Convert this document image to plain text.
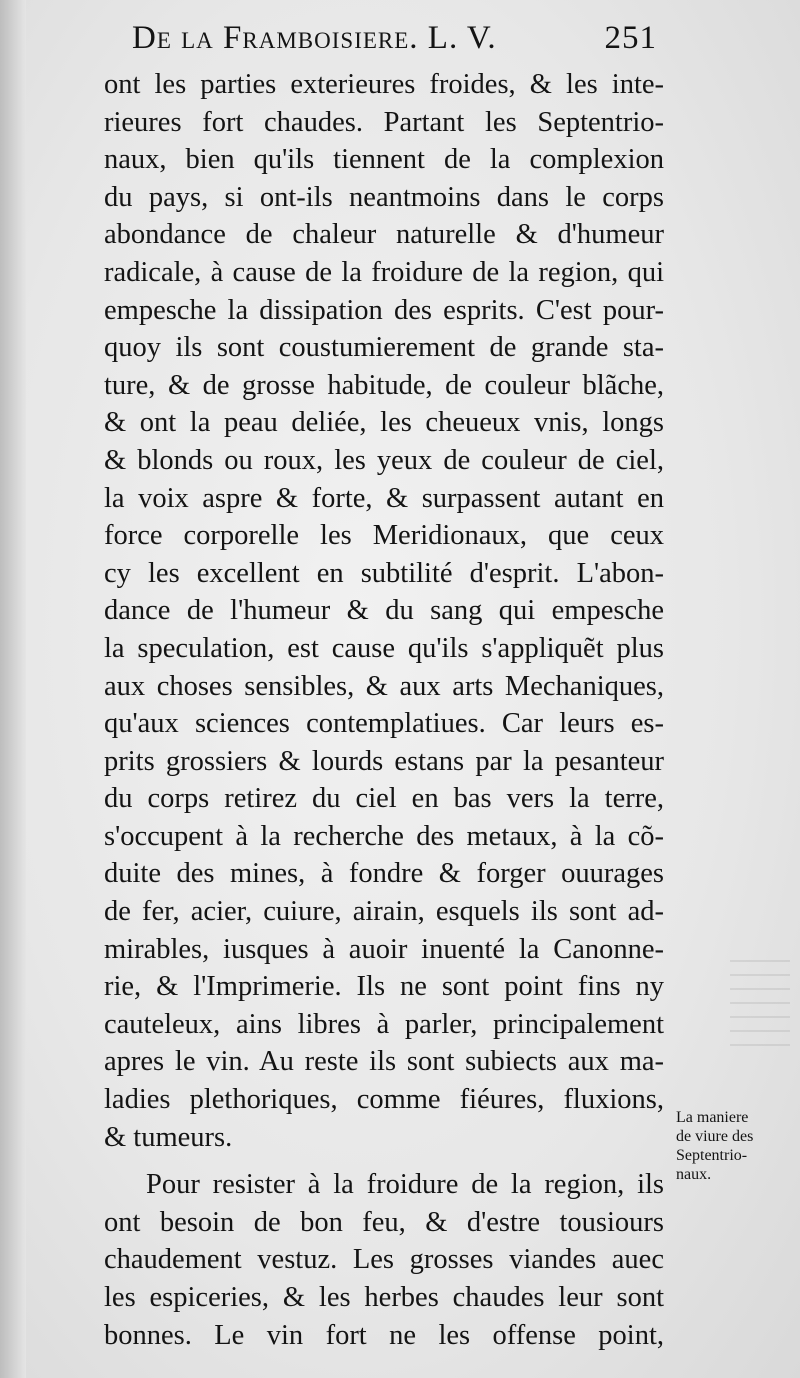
De la Framboisiere. L. V.	251
ont les parties exterieures froides, & les inte-
rieures fort chaudes. Partant les Septentrio-
naux, bien qu'ils tiennent de la complexion
du pays, si ont-ils neantmoins dans le corps
abondance de chaleur naturelle & d'humeur
radicale, à cause de la froidure de la region, qui
empesche la dissipation des esprits. C'est pour-
quoy ils sont coustumierement de grande sta-
ture, & de grosse habitude, de couleur blãche,
& ont la peau deliée, les cheueux vnis, longs
& blonds ou roux, les yeux de couleur de ciel,
la voix aspre & forte, & surpassent autant en
force corporelle les Meridionaux, que ceux
cy les excellent en subtilité d'esprit. L'abon-
dance de l'humeur & du sang qui empesche
la speculation, est cause qu'ils s'appliquẽt plus
aux choses sensibles, & aux arts Mechaniques,
qu'aux sciences contemplatiues. Car leurs es-
prits grossiers & lourds estans par la pesanteur
du corps retirez du ciel en bas vers la terre,
s'occupent à la recherche des metaux, à la cõ-
duite des mines, à fondre & forger ouurages
de fer, acier, cuiure, airain, esquels ils sont ad-
mirables, iusques à auoir inuenté la Canonne-
rie, & l'Imprimerie. Ils ne sont point fins ny
cauteleux, ains libres à parler, principalement
apres le vin. Au reste ils sont subiects aux ma-
ladies plethoriques, comme fiéures, fluxions,
& tumeurs.
Pour resister à la froidure de la region, ils
ont besoin de bon feu, & d'estre tousiours
chaudement vestuz. Les grosses viandes auec
les espiceries, & les herbes chaudes leur sont
bonnes. Le vin fort ne les offense point,
La maniere
de viure des
Septentrio-
naux.
